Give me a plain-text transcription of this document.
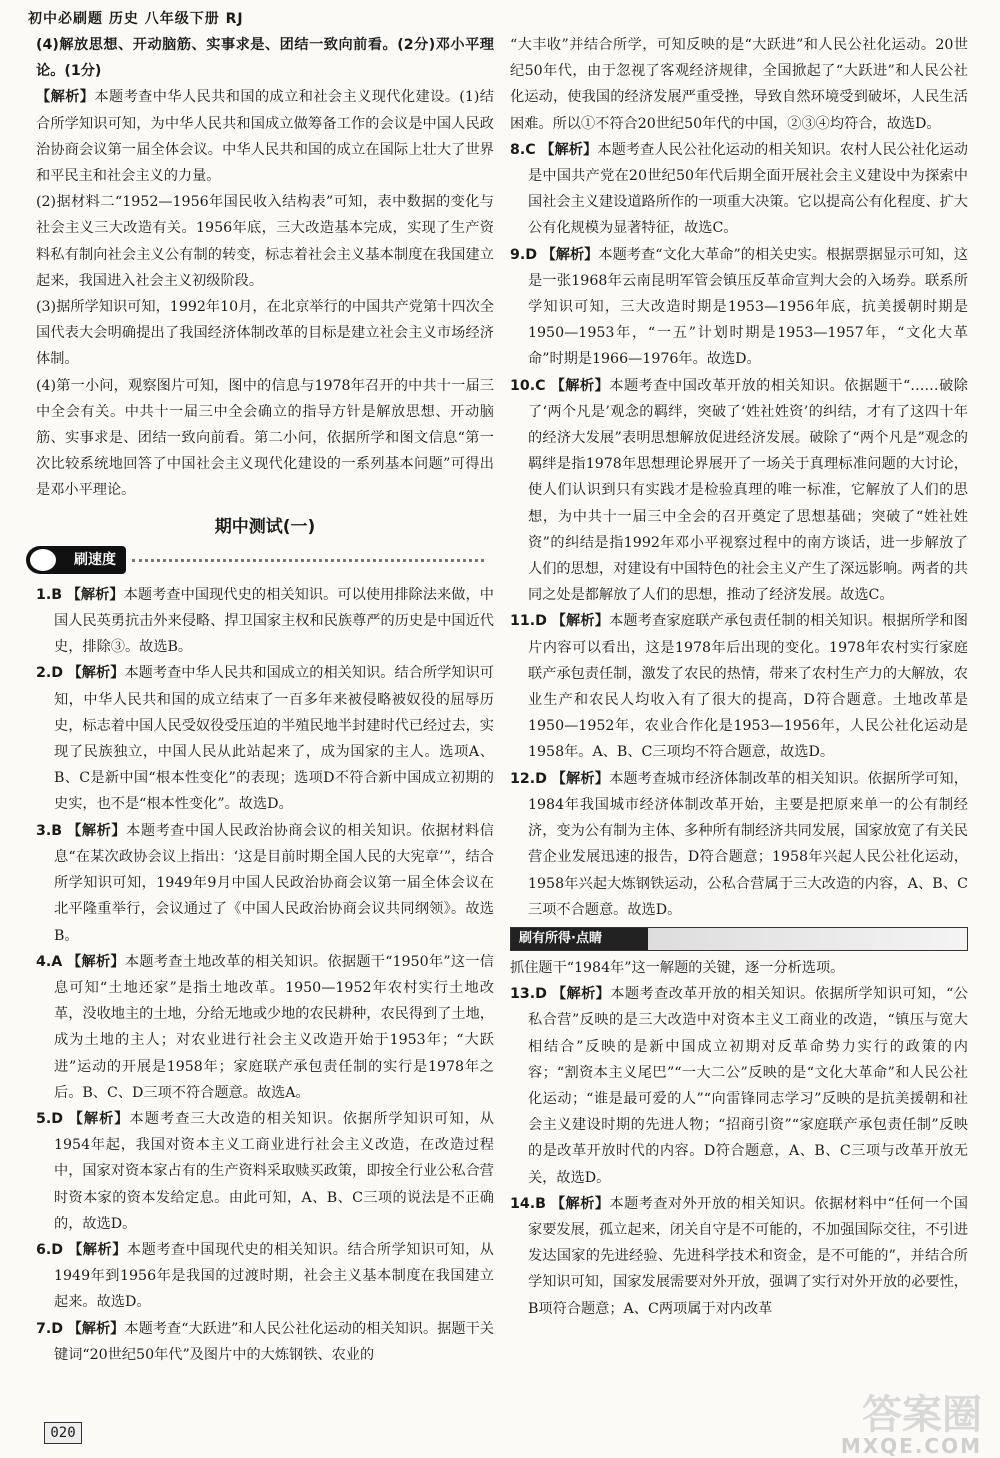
初中必刷题 历史 八年级下册 RJ

(4)解放思想、开动脑筋、实事求是、团结一致向前看。(2分)邓小平理论。(1分)

【解析】本题考查中华人民共和国的成立和社会主义现代化建设。(1)结合所学知识可知，为中华人民共和国成立做筹备工作的会议是中国人民政治协商会议第一届全体会议。中华人民共和国的成立在国际上壮大了世界和平民主和社会主义的力量。

(2)据材料二“1952—1956年国民收入结构表”可知，表中数据的变化与社会主义三大改造有关。1956年底，三大改造基本完成，实现了生产资料私有制向社会主义公有制的转变，标志着社会主义基本制度在我国建立起来，我国进入社会主义初级阶段。

(3)据所学知识可知，1992年10月，在北京举行的中国共产党第十四次全国代表大会明确提出了我国经济体制改革的目标是建立社会主义市场经济体制。

(4)第一小问，观察图片可知，图中的信息与1978年召开的中共十一届三中全会有关。中共十一届三中全会确立的指导方针是解放思想、开动脑筋、实事求是、团结一致向前看。第二小问，依据所学和图文信息“第一次比较系统地回答了中国社会主义现代化建设的一系列基本问题”可得出是邓小平理论。

期中测试(一)
刷速度

1.B 【解析】本题考查中国现代史的相关知识。可以使用排除法来做，中国人民英勇抗击外来侵略、捍卫国家主权和民族尊严的历史是中国近代史，排除③。故选B。

2.D 【解析】本题考查中华人民共和国成立的相关知识。结合所学知识可知，中华人民共和国的成立结束了一百多年来被侵略被奴役的屈辱历史，标志着中国人民受奴役受压迫的半殖民地半封建时代已经过去，实现了民族独立，中国人民从此站起来了，成为国家的主人。选项A、B、C是新中国“根本性变化”的表现；选项D不符合新中国成立初期的史实，也不是“根本性变化”。故选D。

3.B 【解析】本题考查中国人民政治协商会议的相关知识。依据材料信息“在某次政协会议上指出：‘这是目前时期全国人民的大宪章’”，结合所学知识可知，1949年9月中国人民政治协商会议第一届全体会议在北平隆重举行，会议通过了《中国人民政治协商会议共同纲领》。故选B。

4.A 【解析】本题考查土地改革的相关知识。依据题干“1950年”这一信息可知“土地还家”是指土地改革。1950—1952年农村实行土地改革，没收地主的土地，分给无地或少地的农民耕种，农民得到了土地，成为土地的主人；对农业进行社会主义改造开始于1953年；“大跃进”运动的开展是1958年；家庭联产承包责任制的实行是1978年之后。B、C、D三项不符合题意。故选A。

5.D 【解析】本题考查三大改造的相关知识。依据所学知识可知，从1954年起，我国对资本主义工商业进行社会主义改造，在改造过程中，国家对资本家占有的生产资料采取赎买政策，即按全行业公私合营时资本家的资本发给定息。由此可知，A、B、C三项的说法是不正确的，故选D。

6.D 【解析】本题考查中国现代史的相关知识。结合所学知识可知，从1949年到1956年是我国的过渡时期，社会主义基本制度在我国建立起来。故选D。

7.D 【解析】本题考查“大跃进”和人民公社化运动的相关知识。据题干关键词“20世纪50年代”及图片中的大炼钢铁、农业的

“大丰收”并结合所学，可知反映的是“大跃进”和人民公社化运动。20世纪50年代，由于忽视了客观经济规律，全国掀起了“大跃进”和人民公社化运动，使我国的经济发展严重受挫，导致自然环境受到破坏，人民生活困难。所以①不符合20世纪50年代的中国，②③④均符合，故选D。

8.C 【解析】本题考查人民公社化运动的相关知识。农村人民公社化运动是中国共产党在20世纪50年代后期全面开展社会主义建设中为探索中国社会主义建设道路所作的一项重大决策。它以提高公有化程度、扩大公有化规模为显著特征，故选C。

9.D 【解析】本题考查“文化大革命”的相关史实。根据票据显示可知，这是一张1968年云南昆明军管会镇压反革命宣判大会的入场券。联系所学知识可知，三大改造时期是1953—1956年底，抗美援朝时期是1950—1953年，“一五”计划时期是1953—1957年，“文化大革命”时期是1966—1976年。故选D。

10.C 【解析】本题考查中国改革开放的相关知识。依据题干“……破除了‘两个凡是’观念的羁绊，突破了‘姓社姓资’的纠结，才有了这四十年的经济大发展”表明思想解放促进经济发展。破除了“两个凡是”观念的羁绊是指1978年思想理论界展开了一场关于真理标准问题的大讨论，使人们认识到只有实践才是检验真理的唯一标准，它解放了人们的思想，为中共十一届三中全会的召开奠定了思想基础；突破了“姓社姓资”的纠结是指1992年邓小平视察过程中的南方谈话，进一步解放了人们的思想，对建设有中国特色的社会主义产生了深远影响。两者的共同之处是都解放了人们的思想，推动了经济发展。故选C。

11.D 【解析】本题考查家庭联产承包责任制的相关知识。根据所学和图片内容可以看出，这是1978年后出现的变化。1978年农村实行家庭联产承包责任制，激发了农民的热情，带来了农村生产力的大解放，农业生产和农民人均收入有了很大的提高，D符合题意。土地改革是1950—1952年，农业合作化是1953—1956年，人民公社化运动是1958年。A、B、C三项均不符合题意，故选D。

12.D 【解析】本题考查城市经济体制改革的相关知识。依据所学可知，1984年我国城市经济体制改革开始，主要是把原来单一的公有制经济，变为公有制为主体、多种所有制经济共同发展，国家放宽了有关民营企业发展迅速的报告，D符合题意；1958年兴起人民公社化运动，1958年兴起大炼钢铁运动，公私合营属于三大改造的内容，A、B、C三项不合题意。故选D。

刷有所得·点睛

抓住题干“1984年”这一解题的关键，逐一分析选项。

13.D 【解析】本题考查改革开放的相关知识。依据所学知识可知，“公私合营”反映的是三大改造中对资本主义工商业的改造，“镇压与宽大相结合”反映的是新中国成立初期对反革命势力实行的政策的内容；“割资本主义尾巴”“一大二公”反映的是“文化大革命”和人民公社化运动；“谁是最可爱的人”“向雷锋同志学习”反映的是抗美援朝和社会主义建设时期的先进人物；“招商引资”“家庭联产承包责任制”反映的是改革开放时代的内容。D符合题意，A、B、C三项与改革开放无关，故选D。

14.B 【解析】本题考查对外开放的相关知识。依据材料中“任何一个国家要发展，孤立起来，闭关自守是不可能的，不加强国际交往，不引进发达国家的先进经验、先进科学技术和资金，是不可能的”，并结合所学知识可知，国家发展需要对外开放，强调了实行对外开放的必要性，B项符合题意；A、C两项属于对内改革

020	答案圈
MXQE.COM
